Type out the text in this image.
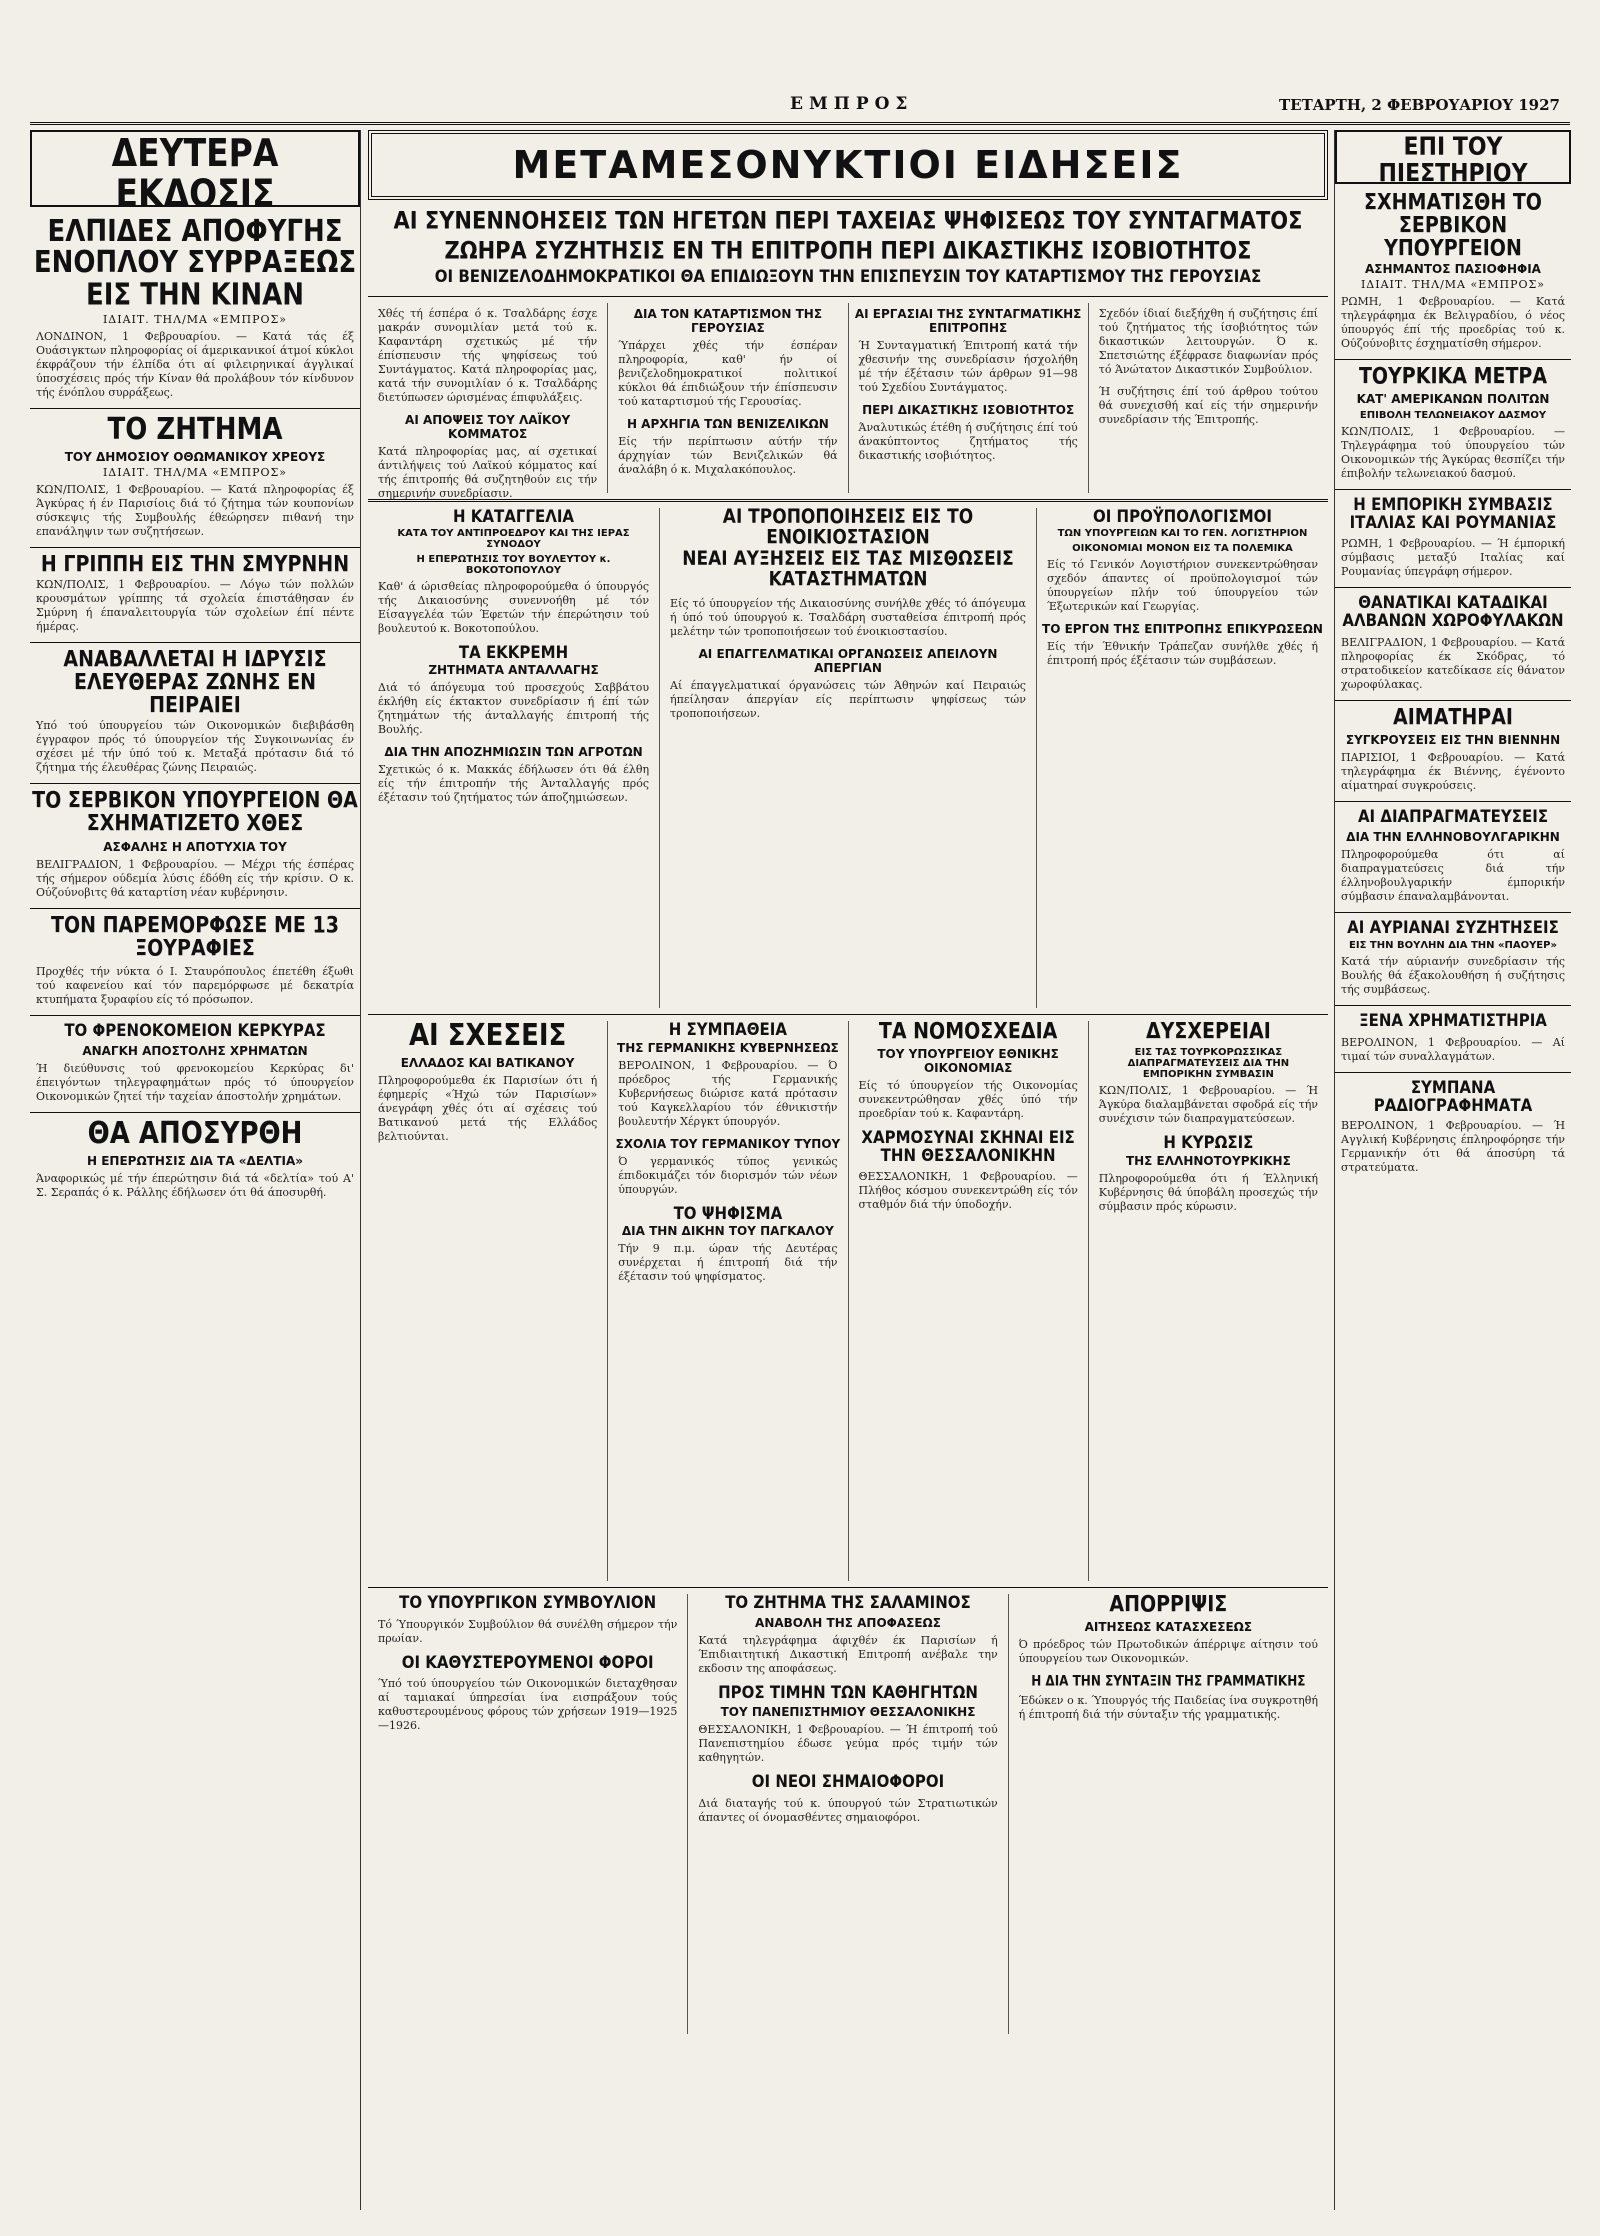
ΕΜΠΡΟΣ	ΤΕΤΑΡΤΗ, 2 ΦΕΒΡΟΥΑΡΙΟΥ 1927
ΔΕΥΤΕΡΑ ΕΚΔΟΣΙΣ
ΕΛΠΙΔΕΣ ΑΠΟΦΥΓΗΣ ΕΝΟΠΛΟΥ ΣΥΡΡΑΞΕΩΣ ΕΙΣ ΤΗΝ ΚΙΝΑΝ
ΙΔΙΑΙΤ. ΤΗΛ/ΜΑ «ΕΜΠΡΟΣ»

ΛΟΝΔΙΝΟΝ, 1 Φεβρουαρίου. — Κατά τάς έξ Ουάσιγκτων πληροφορίας οί άμερικανικοί άτμοί κύκλοι έκφράζουν τήν έλπίδα ότι αί φιλειρηνικαί άγγλικαί ύποσχέσεις πρός τήν Κίναν θά προλάβουν τόν κίνδυνον τής ένόπλου συρράξεως.

ΤΟ ΖΗΤΗΜΑ
ΤΟΥ ΔΗΜΟΣΙΟΥ ΟΘΩΜΑΝΙΚΟΥ ΧΡΕΟΥΣ
ΙΔΙΑΙΤ. ΤΗΛ/ΜΑ «ΕΜΠΡΟΣ»

ΚΩΝ/ΠΟΛΙΣ, 1 Φεβρουαρίου. — Κατά πληροφορίας έξ Άγκύρας ή έν Παρισίοις διά τό ζήτημα τών κουπονίων σύσκεψις τής Συμβουλής έθεώρησεν πιθανή την επανάληψιν των συζητήσεων.

Η ΓΡΙΠΠΗ ΕΙΣ ΤΗΝ ΣΜΥΡΝΗΝ

ΚΩΝ/ΠΟΛΙΣ, 1 Φεβρουαρίου. — Λόγω τών πολλών κρουσμάτων γρίππης τά σχολεία έπιστάθησαν έν Σμύρνη ή έπαναλειτουργία τών σχολείων έπί πέντε ήμέρας.

ΑΝΑΒΑΛΛΕΤΑΙ Η ΙΔΡΥΣΙΣ ΕΛΕΥΘΕΡΑΣ ΖΩΝΗΣ ΕΝ ΠΕΙΡΑΙΕΙ

Υπό τού ύπουργείου τών Οικονομικών διεβιβάσθη έγγραφον πρός τό ύπουργείον τής Συγκοινωνίας έν σχέσει μέ τήν ύπό τού κ. Μεταξά πρότασιν διά τό ζήτημα τής έλευθέρας ζώνης Πειραιώς.

ΤΟ ΣΕΡΒΙΚΟΝ ΥΠΟΥΡΓΕΙΟΝ ΘΑ ΣΧΗΜΑΤΙΖΕΤΟ ΧΘΕΣ
ΑΣΦΑΛΗΣ Η ΑΠΟΤΥΧΙΑ ΤΟΥ

ΒΕΛΙΓΡΑΔΙΟΝ, 1 Φεβρουαρίου. — Μέχρι τής έσπέρας τής σήμερον ούδεμία λύσις έδόθη είς τήν κρίσιν. Ο κ. Ούζούνοβιτς θά καταρτίση νέαν κυβέρνησιν.

ΤΟΝ ΠΑΡΕΜΟΡΦΩΣΕ ΜΕ 13 ΞΟΥΡΑΦΙΕΣ

Προχθές τήν νύκτα ό Ι. Σταυρόπουλος έπετέθη έξωθι τού καφενείου καί τόν παρεμόρφωσε μέ δεκατρία κτυπήματα ξυραφίου είς τό πρόσωπον.

ΤΟ ΦΡΕΝΟΚΟΜΕΙΟΝ ΚΕΡΚΥΡΑΣ
ΑΝΑΓΚΗ ΑΠΟΣΤΟΛΗΣ ΧΡΗΜΑΤΩΝ

Ή διεύθυνσις τού φρενοκομείου Κερκύρας δι' έπειγόντων τηλεγραφημάτων πρός τό ύπουργείον Οικονομικών ζητεί τήν ταχείαν άποστολήν χρημάτων.

ΘΑ ΑΠΟΣΥΡΘΗ
Η ΕΠΕΡΩΤΗΣΙΣ ΔΙΑ ΤΑ «ΔΕΛΤΙΑ»

Άναφορικώς μέ τήν έπερώτησιν διά τά «δελτία» τού Α' Σ. Σεραπάς ό κ. Ράλλης έδήλωσεν ότι θά άποσυρθή.

ΜΕΤΑΜΕΣΟΝΥΚΤΙΟΙ ΕΙΔΗΣΕΙΣ
ΑΙ ΣΥΝΕΝΝΟΗΣΕΙΣ ΤΩΝ ΗΓΕΤΩΝ ΠΕΡΙ ΤΑΧΕΙΑΣ ΨΗΦΙΣΕΩΣ ΤΟΥ ΣΥΝΤΑΓΜΑΤΟΣ
ΖΩΗΡΑ ΣΥΖΗΤΗΣΙΣ ΕΝ ΤΗ ΕΠΙΤΡΟΠΗ ΠΕΡΙ ΔΙΚΑΣΤΙΚΗΣ ΙΣΟΒΙΟΤΗΤΟΣ
ΟΙ ΒΕΝΙΖΕΛΟΔΗΜΟΚΡΑΤΙΚΟΙ ΘΑ ΕΠΙΔΙΩΞΟΥΝ ΤΗΝ ΕΠΙΣΠΕΥΣΙΝ ΤΟΥ ΚΑΤΑΡΤΙΣΜΟΥ ΤΗΣ ΓΕΡΟΥΣΙΑΣ

Χθές τή έσπέρα ό κ. Τσαλδάρης έσχε μακράν συνομιλίαν μετά τού κ. Καφαντάρη σχετικώς μέ τήν έπίσπευσιν τής ψηφίσεως τού Συντάγματος. Κατά πληροφορίας μας, κατά τήν συνομιλίαν ό κ. Τσαλδάρης διετύπωσεν ώρισμένας έπιφυλάξεις.

ΑΙ ΑΠΟΨΕΙΣ ΤΟΥ ΛΑΪΚΟΥ ΚΟΜΜΑΤΟΣ

Κατά πληροφορίας μας, αί σχετικαί άντιλήψεις τού Λαϊκού κόμματος καί τής έπιτροπής θά συζητηθούν εις τήν σημερινήν συνεδρίασιν.

ΔΙΑ ΤΟΝ ΚΑΤΑΡΤΙΣΜΟΝ ΤΗΣ ΓΕΡΟΥΣΙΑΣ

Ύπάρχει χθές τήν έσπέραν πληροφορία, καθ' ήν οί βενιζελοδημοκρατικοί πολιτικοί κύκλοι θά έπιδιώξουν τήν έπίσπευσιν τού καταρτισμού τής Γερουσίας.

Η ΑΡΧΗΓΙΑ ΤΩΝ ΒΕΝΙΖΕΛΙΚΩΝ

Είς τήν περίπτωσιν αύτήν τήν άρχηγίαν τών Βενιζελικών θά άναλάβη ό κ. Μιχαλακόπουλος.

ΑΙ ΕΡΓΑΣΙΑΙ ΤΗΣ ΣΥΝΤΑΓΜΑΤΙΚΗΣ ΕΠΙΤΡΟΠΗΣ

Ή Συνταγματική Έπιτροπή κατά τήν χθεσινήν της συνεδρίασιν ήσχολήθη μέ τήν έξέτασιν τών άρθρων 91—98 τού Σχεδίου Συντάγματος.

ΠΕΡΙ ΔΙΚΑΣΤΙΚΗΣ ΙΣΟΒΙΟΤΗΤΟΣ

Άναλυτικώς έτέθη ή συζήτησις έπί τού άνακύπτοντος ζητήματος τής δικαστικής ισοβιότητος.

Σχεδόν ίδιαί διεξήχθη ή συζήτησις έπί τού ζητήματος τής ίσοβιότητος τών δικαστικών λειτουργών. Ό κ. Σπετσιώτης έξέφρασε διαφωνίαν πρός τό Άνώτατον Δικαστικόν Συμβούλιον.

Ή συζήτησις έπί τού άρθρου τούτου θά συνεχισθή καί είς τήν σημερινήν συνεδρίασιν τής Έπιτροπής.

Η ΚΑΤΑΓΓΕΛΙΑ
ΚΑΤΑ ΤΟΥ ΑΝΤΙΠΡΟΕΔΡΟΥ ΚΑΙ ΤΗΣ ΙΕΡΑΣ ΣΥΝΟΔΟΥ
Η ΕΠΕΡΩΤΗΣΙΣ ΤΟΥ ΒΟΥΛΕΥΤΟΥ κ. ΒΟΚΟΤΟΠΟΥΛΟΥ

Καθ' ά ώρισθείας πληροφορούμεθα ό ύπουργός τής Δικαιοσύνης συνεννοήθη μέ τόν Είσαγγελέα τών Έφετών τήν έπερώτησιν τού βουλευτού κ. Βοκοτοπούλου.

ΤΑ ΕΚΚΡΕΜΗ
ΖΗΤΗΜΑΤΑ ΑΝΤΑΛΛΑΓΗΣ

Διά τό άπόγευμα τού προσεχούς Σαββάτου έκλήθη είς έκτακτον συνεδρίασιν ή έπί τών ζητημάτων τής άνταλλαγής έπιτροπή τής Βουλής.

ΔΙΑ ΤΗΝ ΑΠΟΖΗΜΙΩΣΙΝ ΤΩΝ ΑΓΡΟΤΩΝ

Σχετικώς ό κ. Μακκάς έδήλωσεν ότι θά έλθη είς τήν έπιτροπήν τής Άνταλλαγής πρός έξέτασιν τού ζητήματος τών άποζημιώσεων.

ΑΙ ΤΡΟΠΟΠΟΙΗΣΕΙΣ ΕΙΣ ΤΟ ΕΝΟΙΚΙΟΣΤΑΣΙΟΝ
ΝΕΑΙ ΑΥΞΗΣΕΙΣ ΕΙΣ ΤΑΣ ΜΙΣΘΩΣΕΙΣ ΚΑΤΑΣΤΗΜΑΤΩΝ

Είς τό ύπουργείον τής Δικαιοσύνης συνήλθε χθές τό άπόγευμα ή ύπό τού ύπουργού κ. Τσαλδάρη συσταθείσα έπιτροπή πρός μελέτην τών τροποποιήσεων τού ένοικιοστασίου.

ΑΙ ΕΠΑΓΓΕΛΜΑΤΙΚΑΙ ΟΡΓΑΝΩΣΕΙΣ ΑΠΕΙΛΟΥΝ ΑΠΕΡΓΙΑΝ

Αί έπαγγελματικαί όργανώσεις τών Άθηνών καί Πειραιώς ήπείλησαν άπεργίαν είς περίπτωσιν ψηφίσεως τών τροποποιήσεων.

ΟΙ ΠΡΟΫΠΟΛΟΓΙΣΜΟΙ
ΤΩΝ ΥΠΟΥΡΓΕΙΩΝ ΚΑΙ ΤΟ ΓΕΝ. ΛΟΓΙΣΤΗΡΙΟΝ
ΟΙΚΟΝΟΜΙΑΙ ΜΟΝΟΝ ΕΙΣ ΤΑ ΠΟΛΕΜΙΚΑ

Είς τό Γενικόν Λογιστήριον συνεκεντρώθησαν σχεδόν άπαντες οί προϋπολογισμοί τών ύπουργείων πλήν τού ύπουργείου τών Έξωτερικών καί Γεωργίας.

ΤΟ ΕΡΓΟΝ ΤΗΣ ΕΠΙΤΡΟΠΗΣ ΕΠΙΚΥΡΩΣΕΩΝ

Είς τήν Έθνικήν Τράπεζαν συνήλθε χθές ή έπιτροπή πρός έξέτασιν τών συμβάσεων.

ΑΙ ΣΧΕΣΕΙΣ
ΕΛΛΑΔΟΣ ΚΑΙ ΒΑΤΙΚΑΝΟΥ

Πληροφορούμεθα έκ Παρισίων ότι ή έφημερίς «Ήχώ τών Παρισίων» άνεγράφη χθές ότι αί σχέσεις τού Βατικανού μετά τής Ελλάδος βελτιούνται.

Η ΣΥΜΠΑΘΕΙΑ
ΤΗΣ ΓΕΡΜΑΝΙΚΗΣ ΚΥΒΕΡΝΗΣΕΩΣ

ΒΕΡΟΛΙΝΟΝ, 1 Φεβρουαρίου. — Ό πρόεδρος τής Γερμανικής Κυβερνήσεως διώρισε κατά πρότασιν τού Καγκελλαρίου τόν έθνικιστήν βουλευτήν Χέργκτ ύπουργόν.

ΣΧΟΛΙΑ ΤΟΥ ΓΕΡΜΑΝΙΚΟΥ ΤΥΠΟΥ

Ό γερμανικός τύπος γενικώς έπιδοκιμάζει τόν διορισμόν τών νέων ύπουργών.

ΤΟ ΨΗΦΙΣΜΑ
ΔΙΑ ΤΗΝ ΔΙΚΗΝ ΤΟΥ ΠΑΓΚΑΛΟΥ

Τήν 9 π.μ. ώραν τής Δευτέρας συνέρχεται ή έπιτροπή διά τήν έξέτασιν τού ψηφίσματος.

ΤΑ ΝΟΜΟΣΧΕΔΙΑ
ΤΟΥ ΥΠΟΥΡΓΕΙΟΥ ΕΘΝΙΚΗΣ ΟΙΚΟΝΟΜΙΑΣ

Είς τό ύπουργείον τής Οικονομίας συνεκεντρώθησαν χθές ύπό τήν προεδρίαν τού κ. Καφαντάρη.

ΧΑΡΜΟΣΥΝΑΙ ΣΚΗΝΑΙ ΕΙΣ ΤΗΝ ΘΕΣΣΑΛΟΝΙΚΗΝ

ΘΕΣΣΑΛΟΝΙΚΗ, 1 Φεβρουαρίου. — Πλήθος κόσμου συνεκεντρώθη είς τόν σταθμόν διά τήν ύποδοχήν.

ΔΥΣΧΕΡΕΙΑΙ
ΕΙΣ ΤΑΣ ΤΟΥΡΚΟΡΩΣΣΙΚΑΣ ΔΙΑΠΡΑΓΜΑΤΕΥΣΕΙΣ ΔΙΑ ΤΗΝ ΕΜΠΟΡΙΚΗΝ ΣΥΜΒΑΣΙΝ

ΚΩΝ/ΠΟΛΙΣ, 1 Φεβρουαρίου. — Ή Άγκύρα διαλαμβάνεται σφοδρά είς τήν συνέχισιν τών διαπραγματεύσεων.

Η ΚΥΡΩΣΙΣ
ΤΗΣ ΕΛΛΗΝΟΤΟΥΡΚΙΚΗΣ

Πληροφορούμεθα ότι ή Έλληνική Κυβέρνησις θά ύποβάλη προσεχώς τήν σύμβασιν πρός κύρωσιν.

ΤΟ ΥΠΟΥΡΓΙΚΟΝ ΣΥΜΒΟΥΛΙΟΝ

Τό Ύπουργικόν Συμβούλιον θά συνέλθη σήμερον τήν πρωίαν.

ΟΙ ΚΑΘΥΣΤΕΡΟΥΜΕΝΟΙ ΦΟΡΟΙ

Ύπό τού ύπουργείου τών Οικονομικών διεταχθησαν αί ταμιακαί ύπηρεσίαι ίνα εισπράξουν τούς καθυστερουμένους φόρους τών χρήσεων 1919—1925—1926.

ΤΟ ΖΗΤΗΜΑ ΤΗΣ ΣΑΛΑΜΙΝΟΣ
ΑΝΑΒΟΛΗ ΤΗΣ ΑΠΟΦΑΣΕΩΣ

Κατά τηλεγράφημα άφιχθέν έκ Παρισίων ή Έπιδιαιτητική Δικαστική Επιτροπή ανέβαλε την εκδοσιν της αποφάσεως.

ΠΡΟΣ ΤΙΜΗΝ ΤΩΝ ΚΑΘΗΓΗΤΩΝ
ΤΟΥ ΠΑΝΕΠΙΣΤΗΜΙΟΥ ΘΕΣΣΑΛΟΝΙΚΗΣ

ΘΕΣΣΑΛΟΝΙΚΗ, 1 Φεβρουαρίου. — Ή έπιτροπή τού Πανεπιστημίου έδωσε γεύμα πρός τιμήν τών καθηγητών.

ΟΙ ΝΕΟΙ ΣΗΜΑΙΟΦΟΡΟΙ

Διά διαταγής τού κ. ύπουργού τών Στρατιωτικών άπαντες οί όνομασθέντες σημαιοφόροι.

ΑΠΟΡΡΙΨΙΣ
ΑΙΤΗΣΕΩΣ ΚΑΤΑΣΧΕΣΕΩΣ

Ό πρόεδρος τών Πρωτοδικών άπέρριψε αίτησιν τού ύπουργείου των Οικονομικών.

Η ΔΙΑ ΤΗΝ ΣΥΝΤΑΞΙΝ ΤΗΣ ΓΡΑΜΜΑΤΙΚΗΣ

Έδώκεν ο κ. Ύπουργός τής Παιδείας ίνα συγκροτηθή ή έπιτροπή διά τήν σύνταξιν τής γραμματικής.

ΕΠΙ ΤΟΥ ΠΙΕΣΤΗΡΙΟΥ
ΣΧΗΜΑΤΙΣΘΗ ΤΟ ΣΕΡΒΙΚΟΝ ΥΠΟΥΡΓΕΙΟΝ
ΑΣΗΜΑΝΤΟΣ ΠΑΣΙΟΦΗΦΙΑ
ΙΔΙΑΙΤ. ΤΗΛ/ΜΑ «ΕΜΠΡΟΣ»

ΡΩΜΗ, 1 Φεβρουαρίου. — Κατά τηλεγράφημα έκ Βελιγραδίου, ό νέος ύπουργός έπί τής προεδρίας τού κ. Ούζούνοβιτς έσχηματίσθη σήμερον.

ΤΟΥΡΚΙΚΑ ΜΕΤΡΑ
ΚΑΤ' ΑΜΕΡΙΚΑΝΩΝ ΠΟΛΙΤΩΝ
ΕΠΙΒΟΛΗ ΤΕΛΩΝΕΙΑΚΟΥ ΔΑΣΜΟΥ

ΚΩΝ/ΠΟΛΙΣ, 1 Φεβρουαρίου. — Τηλεγράφημα τού ύπουργείου τών Οικονομικών τής Άγκύρας θεσπίζει τήν έπιβολήν τελωνειακού δασμού.

Η ΕΜΠΟΡΙΚΗ ΣΥΜΒΑΣΙΣ ΙΤΑΛΙΑΣ ΚΑΙ ΡΟΥΜΑΝΙΑΣ

ΡΩΜΗ, 1 Φεβρουαρίου. — Ή έμπορική σύμβασις μεταξύ Ιταλίας καί Ρουμανίας ύπεγράφη σήμερον.

ΘΑΝΑΤΙΚΑΙ ΚΑΤΑΔΙΚΑΙ ΑΛΒΑΝΩΝ ΧΩΡΟΦΥΛΑΚΩΝ

ΒΕΛΙΓΡΑΔΙΟΝ, 1 Φεβρουαρίου. — Κατά πληροφορίας έκ Σκόδρας, τό στρατοδικείον κατεδίκασε είς θάνατον χωροφύλακας.

ΑΙΜΑΤΗΡΑΙ
ΣΥΓΚΡΟΥΣΕΙΣ ΕΙΣ ΤΗΝ ΒΙΕΝΝΗΝ

ΠΑΡΙΣΙΟΙ, 1 Φεβρουαρίου. — Κατά τηλεγράφημα έκ Βιέννης, έγένοντο αίματηραί συγκρούσεις.

ΑΙ ΔΙΑΠΡΑΓΜΑΤΕΥΣΕΙΣ
ΔΙΑ ΤΗΝ ΕΛΛΗΝΟΒΟΥΛΓΑΡΙΚΗΝ

Πληροφορούμεθα ότι αί διαπραγματεύσεις διά τήν έλληνοβουλγαρικήν έμπορικήν σύμβασιν έπαναλαμβάνονται.

ΑΙ ΑΥΡΙΑΝΑΙ ΣΥΖΗΤΗΣΕΙΣ
ΕΙΣ ΤΗΝ ΒΟΥΛΗΝ ΔΙΑ ΤΗΝ «ΠΑΟΥΕΡ»

Κατά τήν αύριανήν συνεδρίασιν τής Βουλής θά έξακολουθήση ή συζήτησις τής συμβάσεως.

ΞΕΝΑ ΧΡΗΜΑΤΙΣΤΗΡΙΑ

ΒΕΡΟΛΙΝΟΝ, 1 Φεβρουαρίου. — Αί τιμαί τών συναλλαγμάτων.

ΣΥΜΠΑΝΑ ΡΑΔΙΟΓΡΑΦΗΜΑΤΑ

ΒΕΡΟΛΙΝΟΝ, 1 Φεβρουαρίου. — Ή Αγγλική Κυβέρνησις έπληροφόρησε τήν Γερμανικήν ότι θά άποσύρη τά στρατεύματα.
